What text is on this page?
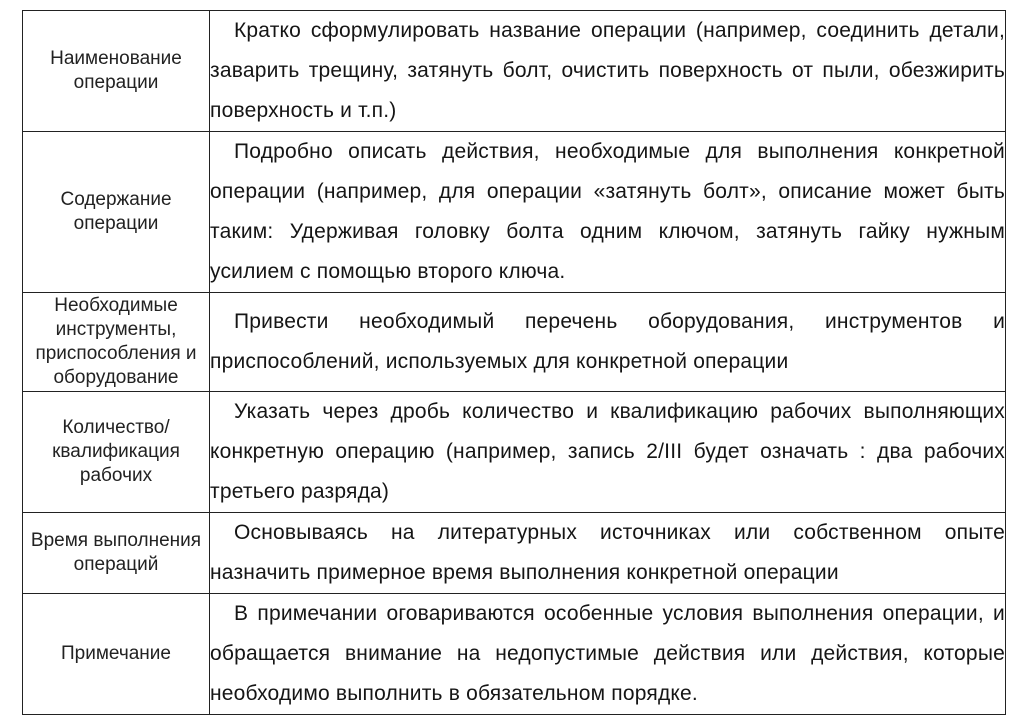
Наименование операции	Кратко сформулировать название операции (например, соединить детали, заварить трещину, затянуть болт, очистить поверхность от пыли, обезжирить поверхность и т.п.)

Содержание операции	Подробно описать действия, необходимые для выполнения конкретной операции (например, для операции «затянуть болт», описание может быть таким: Удерживая головку болта одним ключом, затянуть гайку нужным усилием с помощью второго ключа.

Необходимые инструменты, приспособления и оборудование	Привести необходимый перечень оборудования, инструментов и приспособлений, используемых для конкретной операции

Количество/ квалификация рабочих	Указать через дробь количество и квалификацию рабочих выполняющих конкретную операцию (например, запись 2/III будет означать : два рабочих третьего разряда)

Время выполнения операций	Основываясь на литературных источниках или собственном опыте назначить примерное время выполнения конкретной операции

Примечание	В примечании оговариваются особенные условия выполнения операции, и обращается внимание на недопустимые действия или действия, которые необходимо выполнить в обязательном порядке.
